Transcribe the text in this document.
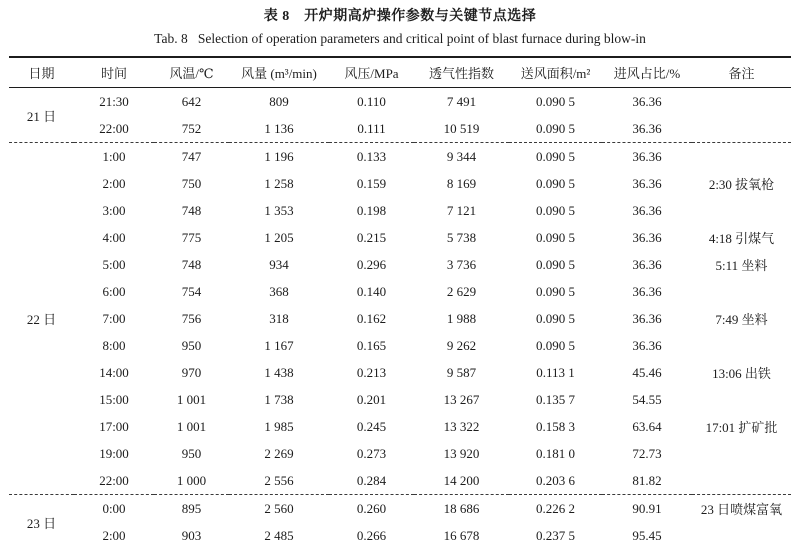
表 8　开炉期高炉操作参数与关键节点选择
Tab. 8   Selection of operation parameters and critical point of blast furnace during blow-in
日期	时间	风温/℃	风量 (m³/min)	风压/MPa	透气性指数	送风面积/m²	进风占比/%	备注
21 日	21:30	642	809	0.110	7 491	0.090 5	36.36	
	22:00	752	1 136	0.111	10 519	0.090 5	36.36	
22 日	1:00	747	1 196	0.133	9 344	0.090 5	36.36	
	2:00	750	1 258	0.159	8 169	0.090 5	36.36	2:30 拔氧枪
	3:00	748	1 353	0.198	7 121	0.090 5	36.36	
	4:00	775	1 205	0.215	5 738	0.090 5	36.36	4:18 引煤气
	5:00	748	934	0.296	3 736	0.090 5	36.36	5:11 坐料
	6:00	754	368	0.140	2 629	0.090 5	36.36	
	7:00	756	318	0.162	1 988	0.090 5	36.36	7:49 坐料
	8:00	950	1 167	0.165	9 262	0.090 5	36.36	
	14:00	970	1 438	0.213	9 587	0.113 1	45.46	13:06 出铁
	15:00	1 001	1 738	0.201	13 267	0.135 7	54.55	
	17:00	1 001	1 985	0.245	13 322	0.158 3	63.64	17:01 扩矿批
	19:00	950	2 269	0.273	13 920	0.181 0	72.73	
	22:00	1 000	2 556	0.284	14 200	0.203 6	81.82	
23 日	0:00	895	2 560	0.260	18 686	0.226 2	90.91	23 日喷煤富氧
	2:00	903	2 485	0.266	16 678	0.237 5	95.45	
